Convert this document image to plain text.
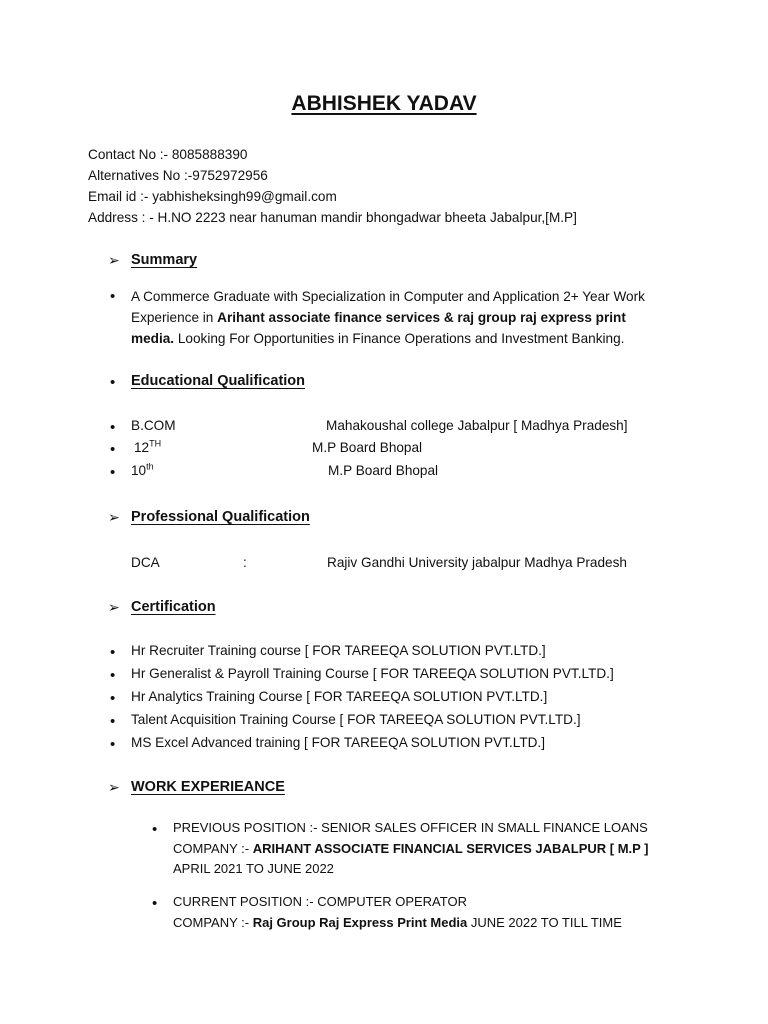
ABHISHEK YADAV
Contact No :- 8085888390
Alternatives No :-9752972956
Email id :- yabhisheksingh99@gmail.com
Address : - H.NO 2223 near hanuman mandir bhongadwar bheeta Jabalpur,[M.P]
➢ Summary
• A Commerce Graduate with Specialization in Computer and Application 2+ Year Work Experience in Arihant associate finance services & raj group raj express print media. Looking For Opportunities in Finance Operations and Investment Banking.
• Educational Qualification
• B.COM	Mahakoushal college Jabalpur [ Madhya Pradesh]
• 12TH	M.P Board Bhopal
• 10th	M.P Board Bhopal
➢ Professional Qualification
DCA	:	Rajiv Gandhi University jabalpur Madhya Pradesh
➢ Certification
• Hr Recruiter Training course [ FOR TAREEQA SOLUTION PVT.LTD.]
• Hr Generalist & Payroll Training Course [ FOR TAREEQA SOLUTION PVT.LTD.]
• Hr Analytics Training Course [ FOR TAREEQA SOLUTION PVT.LTD.]
• Talent Acquisition Training Course [ FOR TAREEQA SOLUTION PVT.LTD.]
• MS Excel Advanced training [ FOR TAREEQA SOLUTION PVT.LTD.]
➢ WORK EXPERIEANCE
• PREVIOUS POSITION :- SENIOR SALES OFFICER IN SMALL FINANCE LOANS
COMPANY :- ARIHANT ASSOCIATE FINANCIAL SERVICES JABALPUR [ M.P ]
APRIL 2021 TO JUNE 2022
• CURRENT POSITION :- COMPUTER OPERATOR
COMPANY :- Raj Group Raj Express Print Media JUNE 2022 TO TILL TIME
